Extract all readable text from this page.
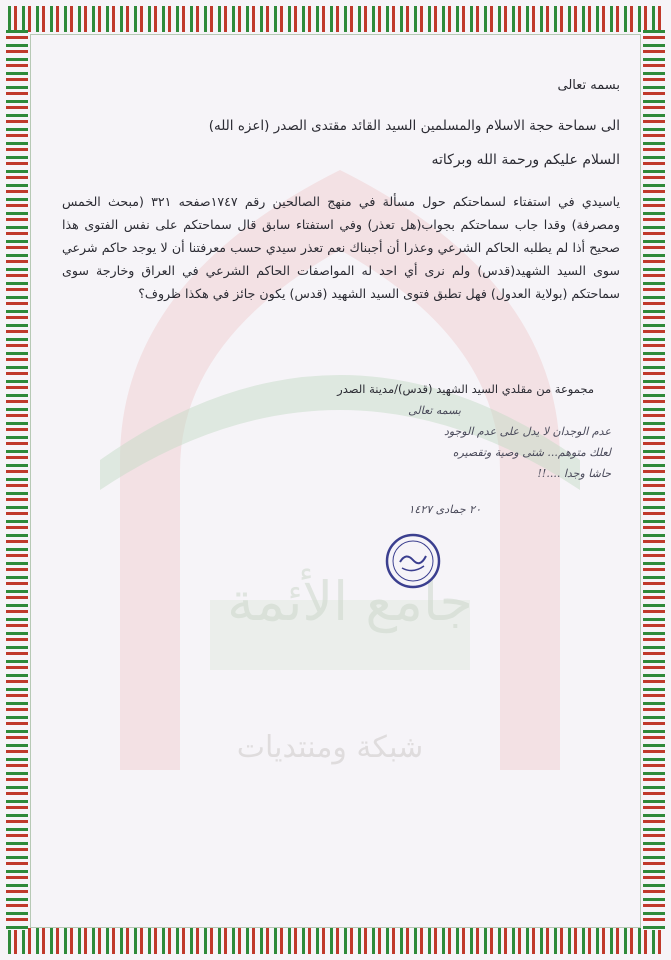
جامع الأئمة
شبكة ومنتديات
بسمه تعالى
الى سماحة حجة الاسلام والمسلمين السيد القائد مقتدى الصدر (اعزه الله)
السلام عليكم ورحمة الله وبركاته
ياسيدي في استفتاء لسماحتكم حول مسألة في منهج الصالحين رقم ١٧٤٧صفحه ٣٢١ (مبحث الخمس ومصرفة) وقدا جاب سماحتكم بجواب(هل تعذر) وفي استفتاء سابق قال سماحتكم على نفس الفتوى هذا صحيح أذا لم يطلبه الحاكم الشرعي وعذرا أن أجبناك نعم تعذر سيدي حسب معرفتنا أن لا يوجد حاكم شرعي سوى السيد الشهيد(قدس) ولم نرى أي احد له المواصفات الحاكم الشرعي في العراق وخارجة سوى سماحتكم (بولاية العدول) فهل تطبق فتوى السيد الشهيد (قدس) يكون جائز في هكذا ظروف؟
مجموعة من مقلدي السيد الشهيد (قدس)/مدينة الصدر
بسمه تعالى
عدم الوجدان لا يدل على عدم الوجود
لعلك متوهم... شتى وصية وتقصيره
حاشا وجدا ....!!
٢٠ جمادى ١٤٢٧
